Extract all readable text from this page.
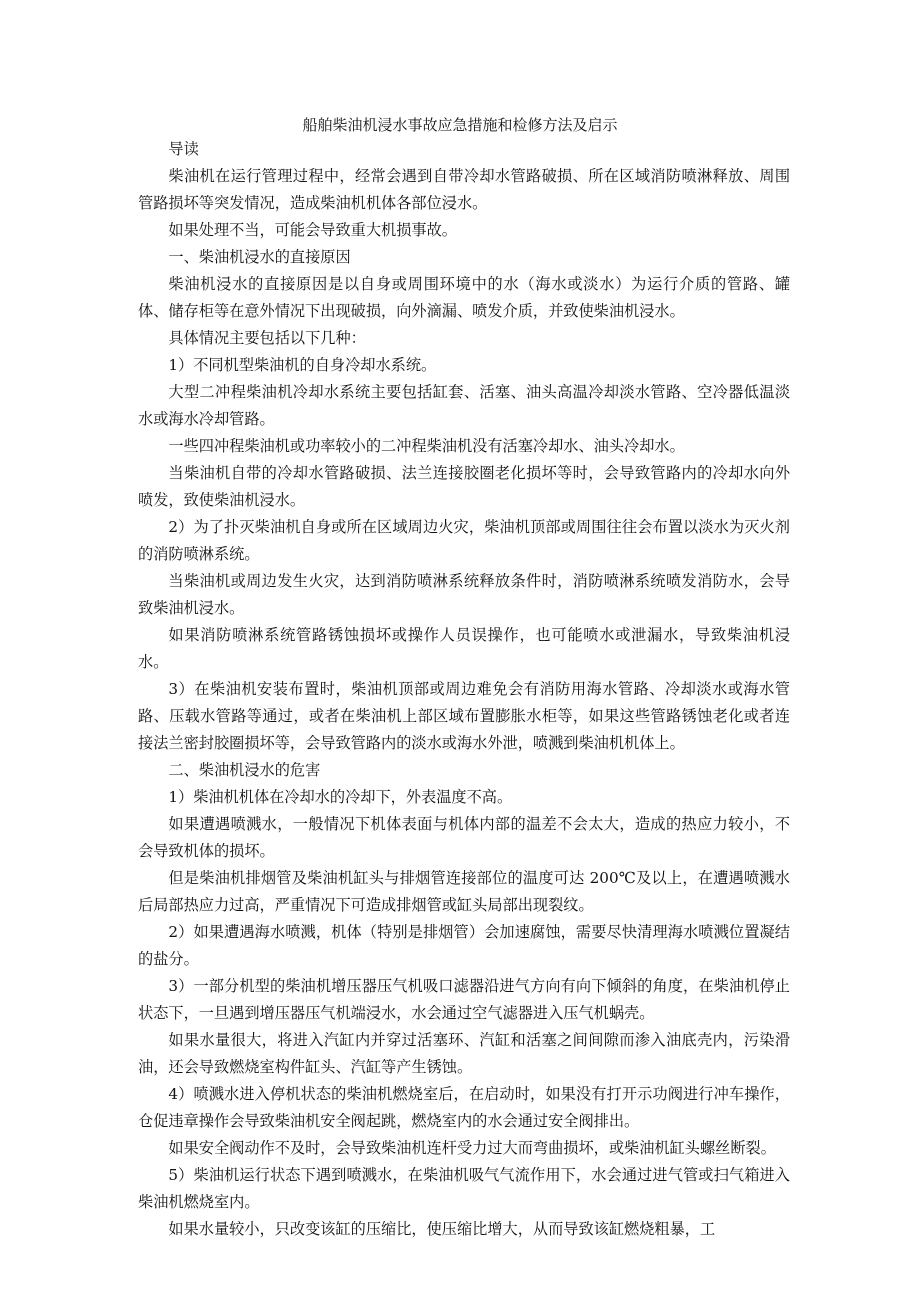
船舶柴油机浸水事故应急措施和检修方法及启示

导读

柴油机在运行管理过程中，经常会遇到自带冷却水管路破损、所在区域消防喷淋释放、周围管路损坏等突发情况，造成柴油机机体各部位浸水。

如果处理不当，可能会导致重大机损事故。

一、柴油机浸水的直接原因

柴油机浸水的直接原因是以自身或周围环境中的水（海水或淡水）为运行介质的管路、罐体、储存柜等在意外情况下出现破损，向外滴漏、喷发介质，并致使柴油机浸水。

具体情况主要包括以下几种：

1）不同机型柴油机的自身冷却水系统。

大型二冲程柴油机冷却水系统主要包括缸套、活塞、油头高温冷却淡水管路、空冷器低温淡水或海水冷却管路。

一些四冲程柴油机或功率较小的二冲程柴油机没有活塞冷却水、油头冷却水。

当柴油机自带的冷却水管路破损、法兰连接胶圈老化损坏等时，会导致管路内的冷却水向外喷发，致使柴油机浸水。

2）为了扑灭柴油机自身或所在区域周边火灾，柴油机顶部或周围往往会布置以淡水为灭火剂的消防喷淋系统。

当柴油机或周边发生火灾，达到消防喷淋系统释放条件时，消防喷淋系统喷发消防水，会导致柴油机浸水。

如果消防喷淋系统管路锈蚀损坏或操作人员误操作，也可能喷水或泄漏水，导致柴油机浸水。

3）在柴油机安装布置时，柴油机顶部或周边难免会有消防用海水管路、冷却淡水或海水管路、压载水管路等通过，或者在柴油机上部区域布置膨胀水柜等，如果这些管路锈蚀老化或者连接法兰密封胶圈损坏等，会导致管路内的淡水或海水外泄，喷溅到柴油机机体上。

二、柴油机浸水的危害

1）柴油机机体在冷却水的冷却下，外表温度不高。

如果遭遇喷溅水，一般情况下机体表面与机体内部的温差不会太大，造成的热应力较小，不会导致机体的损坏。

但是柴油机排烟管及柴油机缸头与排烟管连接部位的温度可达 200℃及以上，在遭遇喷溅水后局部热应力过高，严重情况下可造成排烟管或缸头局部出现裂纹。

2）如果遭遇海水喷溅，机体（特别是排烟管）会加速腐蚀，需要尽快清理海水喷溅位置凝结的盐分。

3）一部分机型的柴油机增压器压气机吸口滤器沿进气方向有向下倾斜的角度，在柴油机停止状态下，一旦遇到增压器压气机端浸水，水会通过空气滤器进入压气机蜗壳。

如果水量很大，将进入汽缸内并穿过活塞环、汽缸和活塞之间间隙而渗入油底壳内，污染滑油，还会导致燃烧室构件缸头、汽缸等产生锈蚀。

4）喷溅水进入停机状态的柴油机燃烧室后，在启动时，如果没有打开示功阀进行冲车操作，仓促违章操作会导致柴油机安全阀起跳，燃烧室内的水会通过安全阀排出。

如果安全阀动作不及时，会导致柴油机连杆受力过大而弯曲损坏，或柴油机缸头螺丝断裂。

5）柴油机运行状态下遇到喷溅水，在柴油机吸气气流作用下，水会通过进气管或扫气箱进入柴油机燃烧室内。

如果水量较小，只改变该缸的压缩比，使压缩比增大，从而导致该缸燃烧粗暴，工
